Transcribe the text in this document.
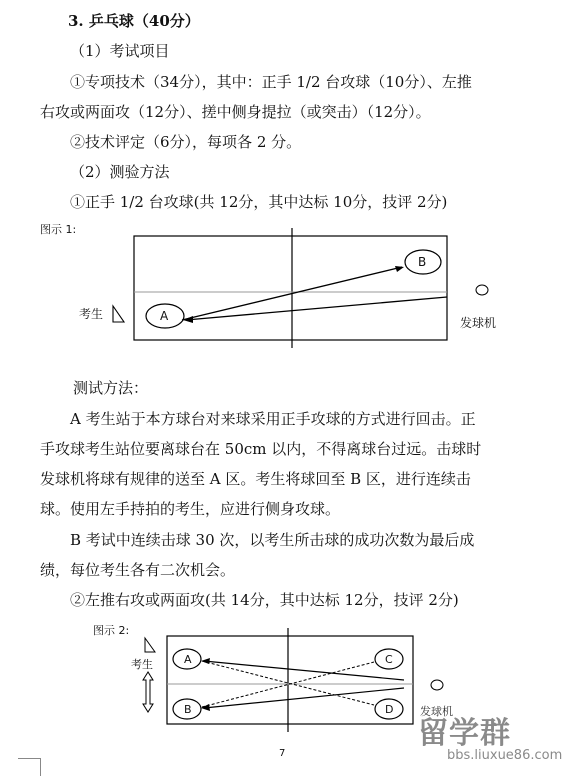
3. 乒乓球（40分）
（1）考试项目
①专项技术（34分），其中：正手 1/2 台攻球（10分）、左推
右攻或两面攻（12分）、搓中侧身提拉（或突击）（12分）。
②技术评定（6分），每项各 2 分。
（2）测验方法
①正手 1/2 台攻球(共 12分，其中达标 10分，技评 2分)
图示 1:
A
B
考生
发球机
测试方法：
A 考生站于本方球台对来球采用正手攻球的方式进行回击。正
手攻球考生站位要离球台在 50cm 以内，不得离球台过远。击球时
发球机将球有规律的送至 A 区。考生将球回至 B 区，进行连续击
球。使用左手持拍的考生，应进行侧身攻球。
B 考试中连续击球 30 次，以考生所击球的成功次数为最后成
绩，每位考生各有二次机会。
②左推右攻或两面攻(共 14分，其中达标 12分，技评 2分)
图示 2:
A
B
C
D
考生
发球机
7
留学群
bbs.liuxue86.com
